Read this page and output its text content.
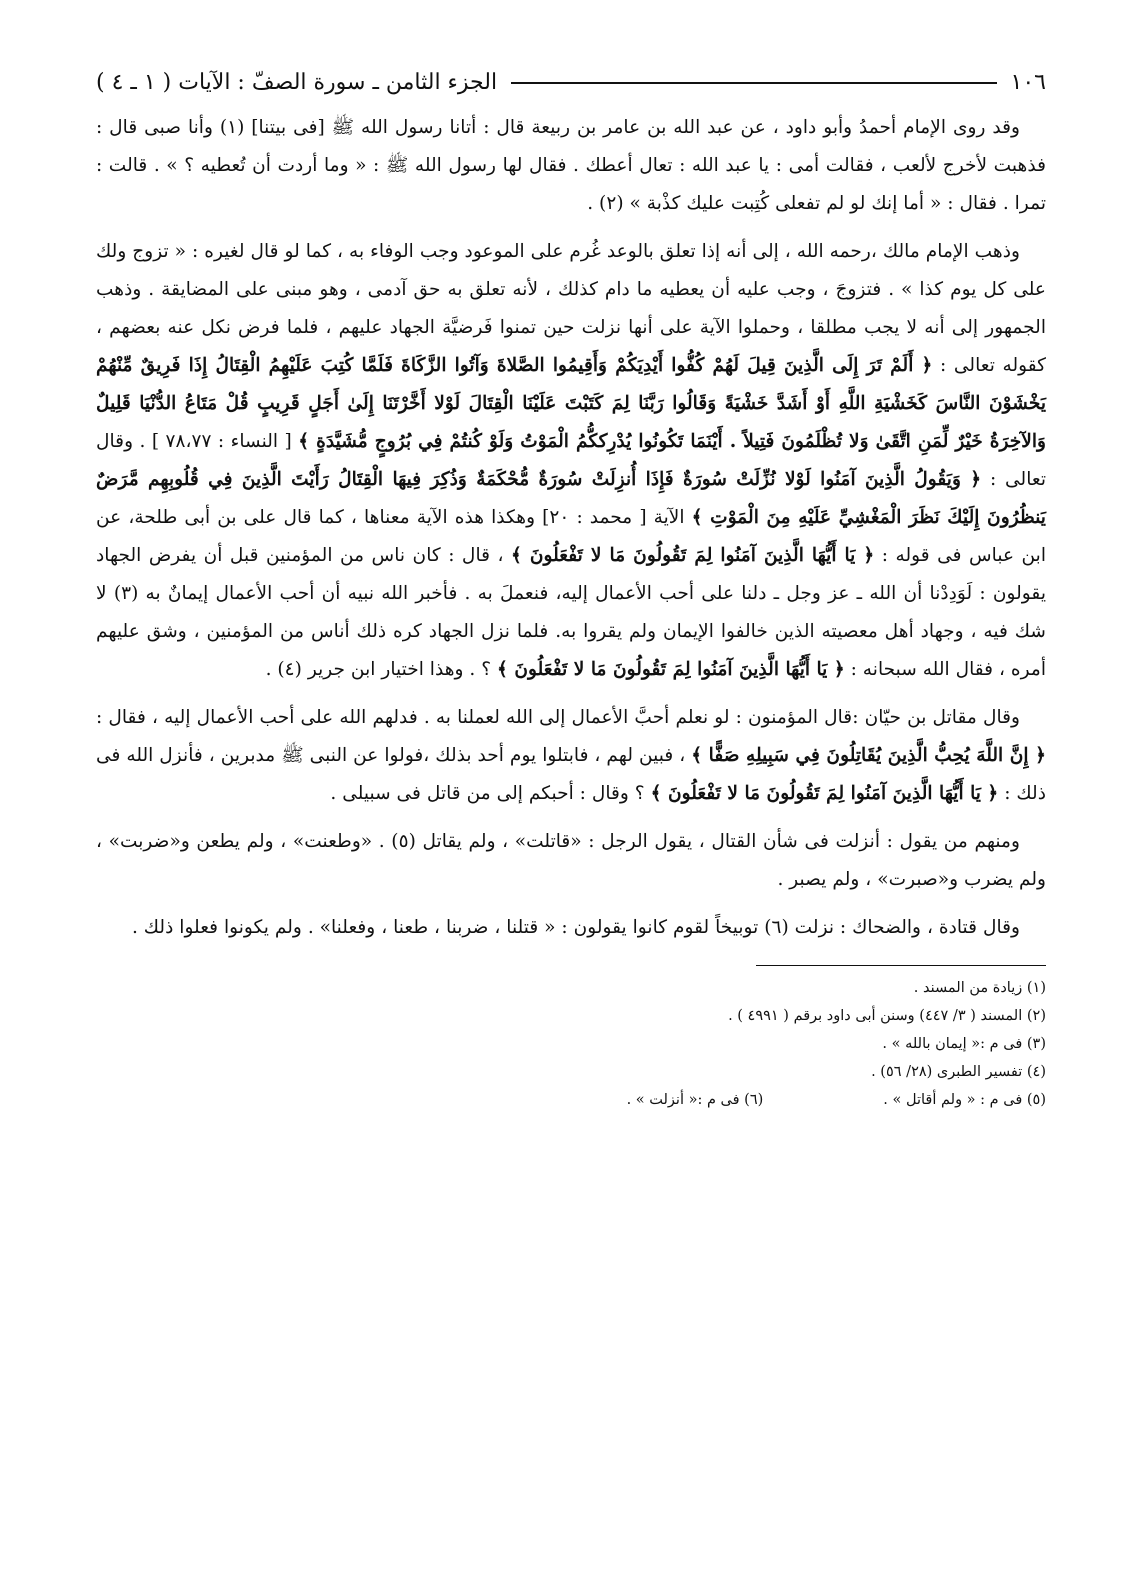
١٠٦
الجزء الثامن ـ سورة الصفّ : الآيات ( ١ ـ ٤ )

وقد روى الإمام أحمدُ وأبو داود ، عن عبد الله بن عامر بن ربيعة قال : أتانا رسول الله ﷺ [فى بيتنا] (١) وأنا صبى قال : فذهبت لأخرج لألعب ، فقالت أمى : يا عبد الله : تعال أعطك . فقال لها رسول الله ﷺ : « وما أردت أن تُعطيه ؟ » . قالت : تمرا . فقال : « أما إنك لو لم تفعلى كُتِبت عليك كذْبة » (٢) .

وذهب الإمام مالك ،رحمه الله ، إلى أنه إذا تعلق بالوعد غُرم على الموعود وجب الوفاء به ، كما لو قال لغيره : « تزوج ولك على كل يوم كذا » . فتزوجَ ، وجب عليه أن يعطيه ما دام كذلك ، لأنه تعلق به حق آدمى ، وهو مبنى على المضايقة . وذهب الجمهور إلى أنه لا يجب مطلقا ، وحملوا الآية على أنها نزلت حين تمنوا فَرضيَّة الجهاد عليهم ، فلما فرض نكل عنه بعضهم ، كقوله تعالى : ﴿ أَلَمْ تَرَ إِلَى الَّذِينَ قِيلَ لَهُمْ كُفُّوا أَيْدِيَكُمْ وَأَقِيمُوا الصَّلاةَ وَآتُوا الزَّكَاةَ فَلَمَّا كُتِبَ عَلَيْهِمُ الْقِتَالُ إِذَا فَرِيقٌ مِّنْهُمْ يَخْشَوْنَ النَّاسَ كَخَشْيَةِ اللَّهِ أَوْ أَشَدَّ خَشْيَةً وَقَالُوا رَبَّنَا لِمَ كَتَبْتَ عَلَيْنَا الْقِتَالَ لَوْلا أَخَّرْتَنَا إِلَىٰ أَجَلٍ قَرِيبٍ قُلْ مَتَاعُ الدُّنْيَا قَلِيلٌ وَالآخِرَةُ خَيْرٌ لِّمَنِ اتَّقَىٰ وَلا تُظْلَمُونَ فَتِيلاً . أَيْنَمَا تَكُونُوا يُدْرِككُّمُ الْمَوْتُ وَلَوْ كُنتُمْ فِي بُرُوجٍ مُّشَيَّدَةٍ ﴾ [ النساء : ٧٨،٧٧ ] . وقال تعالى : ﴿ وَيَقُولُ الَّذِينَ آمَنُوا لَوْلا نُزِّلَتْ سُورَةٌ فَإِذَا أُنزِلَتْ سُورَةٌ مُّحْكَمَةٌ وَذُكِرَ فِيهَا الْقِتَالُ رَأَيْتَ الَّذِينَ فِي قُلُوبِهِم مَّرَضٌ يَنظُرُونَ إِلَيْكَ نَظَرَ الْمَغْشِيِّ عَلَيْهِ مِنَ الْمَوْتِ ﴾ الآية [ محمد : ٢٠] وهكذا هذه الآية معناها ، كما قال على بن أبى طلحة، عن ابن عباس فى قوله : ﴿ يَا أَيُّهَا الَّذِينَ آمَنُوا لِمَ تَقُولُونَ مَا لا تَفْعَلُونَ ﴾ ، قال : كان ناس من المؤمنين قبل أن يفرض الجهاد يقولون : لَوَدِدْنا أن الله ـ عز وجل ـ دلنا على أحب الأعمال إليه، فنعملَ به . فأخبر الله نبيه أن أحب الأعمال إيمانٌ به (٣) لا شك فيه ، وجهاد أهل معصيته الذين خالفوا الإيمان ولم يقروا به. فلما نزل الجهاد كره ذلك أناس من المؤمنين ، وشق عليهم أمره ، فقال الله سبحانه : ﴿ يَا أَيُّهَا الَّذِينَ آمَنُوا لِمَ تَقُولُونَ مَا لا تَفْعَلُونَ ﴾ ؟ . وهذا اختيار ابن جرير (٤) .

وقال مقاتل بن حيّان :قال المؤمنون : لو نعلم أحبَّ الأعمال إلى الله لعملنا به . فدلهم الله على أحب الأعمال إليه ، فقال : ﴿ إِنَّ اللَّهَ يُحِبُّ الَّذِينَ يُقَاتِلُونَ فِي سَبِيلِهِ صَفًّا ﴾ ، فبين لهم ، فابتلوا يوم أحد بذلك ،فولوا عن النبى ﷺ مدبرين ، فأنزل الله فى ذلك : ﴿ يَا أَيُّهَا الَّذِينَ آمَنُوا لِمَ تَقُولُونَ مَا لا تَفْعَلُونَ ﴾ ؟ وقال : أحبكم إلى من قاتل فى سبيلى .

ومنهم من يقول : أنزلت فى شأن القتال ، يقول الرجل : «قاتلت» ، ولم يقاتل (٥) . «وطعنت» ، ولم يطعن و«ضربت» ، ولم يضرب و«صبرت» ، ولم يصبر .

وقال قتادة ، والضحاك : نزلت (٦) توبيخاً لقوم كانوا يقولون : « قتلنا ، ضربنا ، طعنا ، وفعلنا» . ولم يكونوا فعلوا ذلك .

(١) زيادة من المسند .
(٢) المسند ( ٣/ ٤٤٧) وسنن أبى داود برقم ( ٤٩٩١ ) .
(٣) فى م :« إيمان بالله » .
(٤) تفسير الطبرى (٢٨/ ٥٦) .
(٥) فى م : « ولم أقاتل » .
(٦) فى م :« أنزلت » .
